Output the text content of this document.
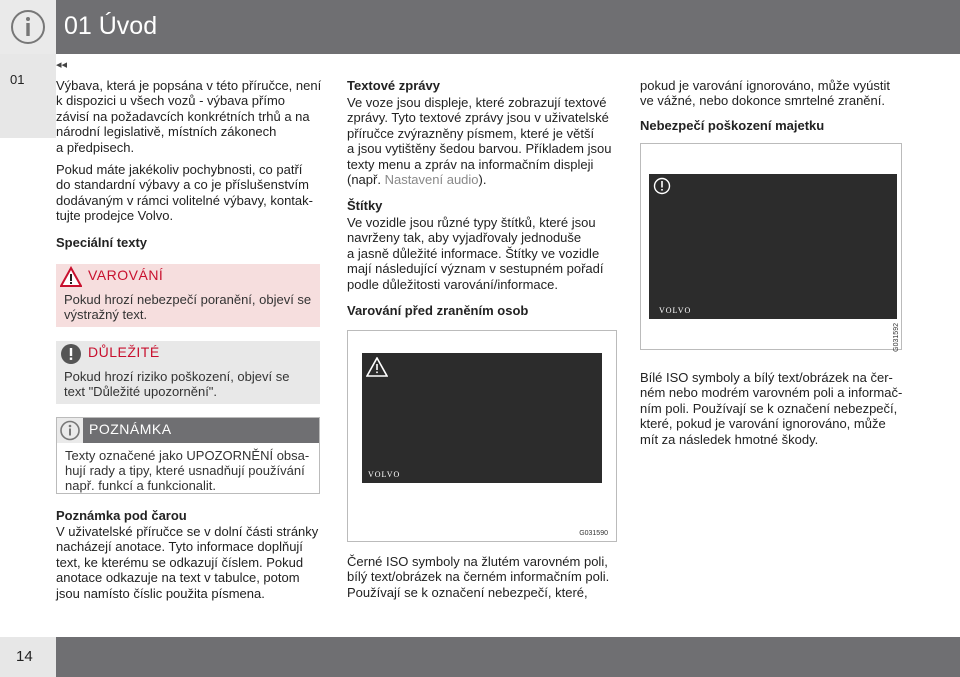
01 Úvod
01
◂◂

Výbava, která je popsána v této příručce, není

k dispozici u všech vozů - výbava přímo

závisí na požadavcích konkrétních trhů a na

národní legislativě, místních zákonech

a předpisech.

Pokud máte jakékoliv pochybnosti, co patří

do standardní výbavy a co je příslušenstvím

dodávaným v rámci volitelné výbavy, kontak-

tujte prodejce Volvo.

Speciální texty
VAROVÁNÍ
Pokud hrozí nebezpečí poranění, objeví se
výstražný text.
DŮLEŽITÉ
Pokud hrozí riziko poškození, objeví se
text "Důležité upozornění".
POZNÁMKA
Texty označené jako UPOZORNĚNÍ obsa-
hují rady a tipy, které usnadňují používání
např. funkcí a funkcionalit.
Poznámka pod čarou

V uživatelské příručce se v dolní části stránky

nacházejí anotace. Tyto informace doplňují

text, ke kterému se odkazují číslem. Pokud

anotace odkazuje na text v tabulce, potom

jsou namísto číslic použita písmena.

Textové zprávy

Ve voze jsou displeje, které zobrazují textové

zprávy. Tyto textové zprávy jsou v uživatelské

příručce zvýrazněny písmem, které je větší

a jsou vytištěny šedou barvou. Příkladem jsou

texty menu a zpráv na informačním displeji

(např. Nastavení audio).

Štítky

Ve vozidle jsou různé typy štítků, které jsou

navrženy tak, aby vyjadřovaly jednoduše

a jasně důležité informace. Štítky ve vozidle

mají následující význam v sestupném pořadí

podle důležitosti varování/informace.

Varování před zraněním osob
VOLVO
G031590

Černé ISO symboly na žlutém varovném poli,

bílý text/obrázek na černém informačním poli.

Používají se k označení nebezpečí, které,

pokud je varování ignorováno, může vyústit

ve vážné, nebo dokonce smrtelné zranění.

Nebezpečí poškození majetku
VOLVO
G031592

Bílé ISO symboly a bílý text/obrázek na čer-

ném nebo modrém varovném poli a informač-

ním poli. Používají se k označení nebezpečí,

které, pokud je varování ignorováno, může

mít za následek hmotné škody.

14
